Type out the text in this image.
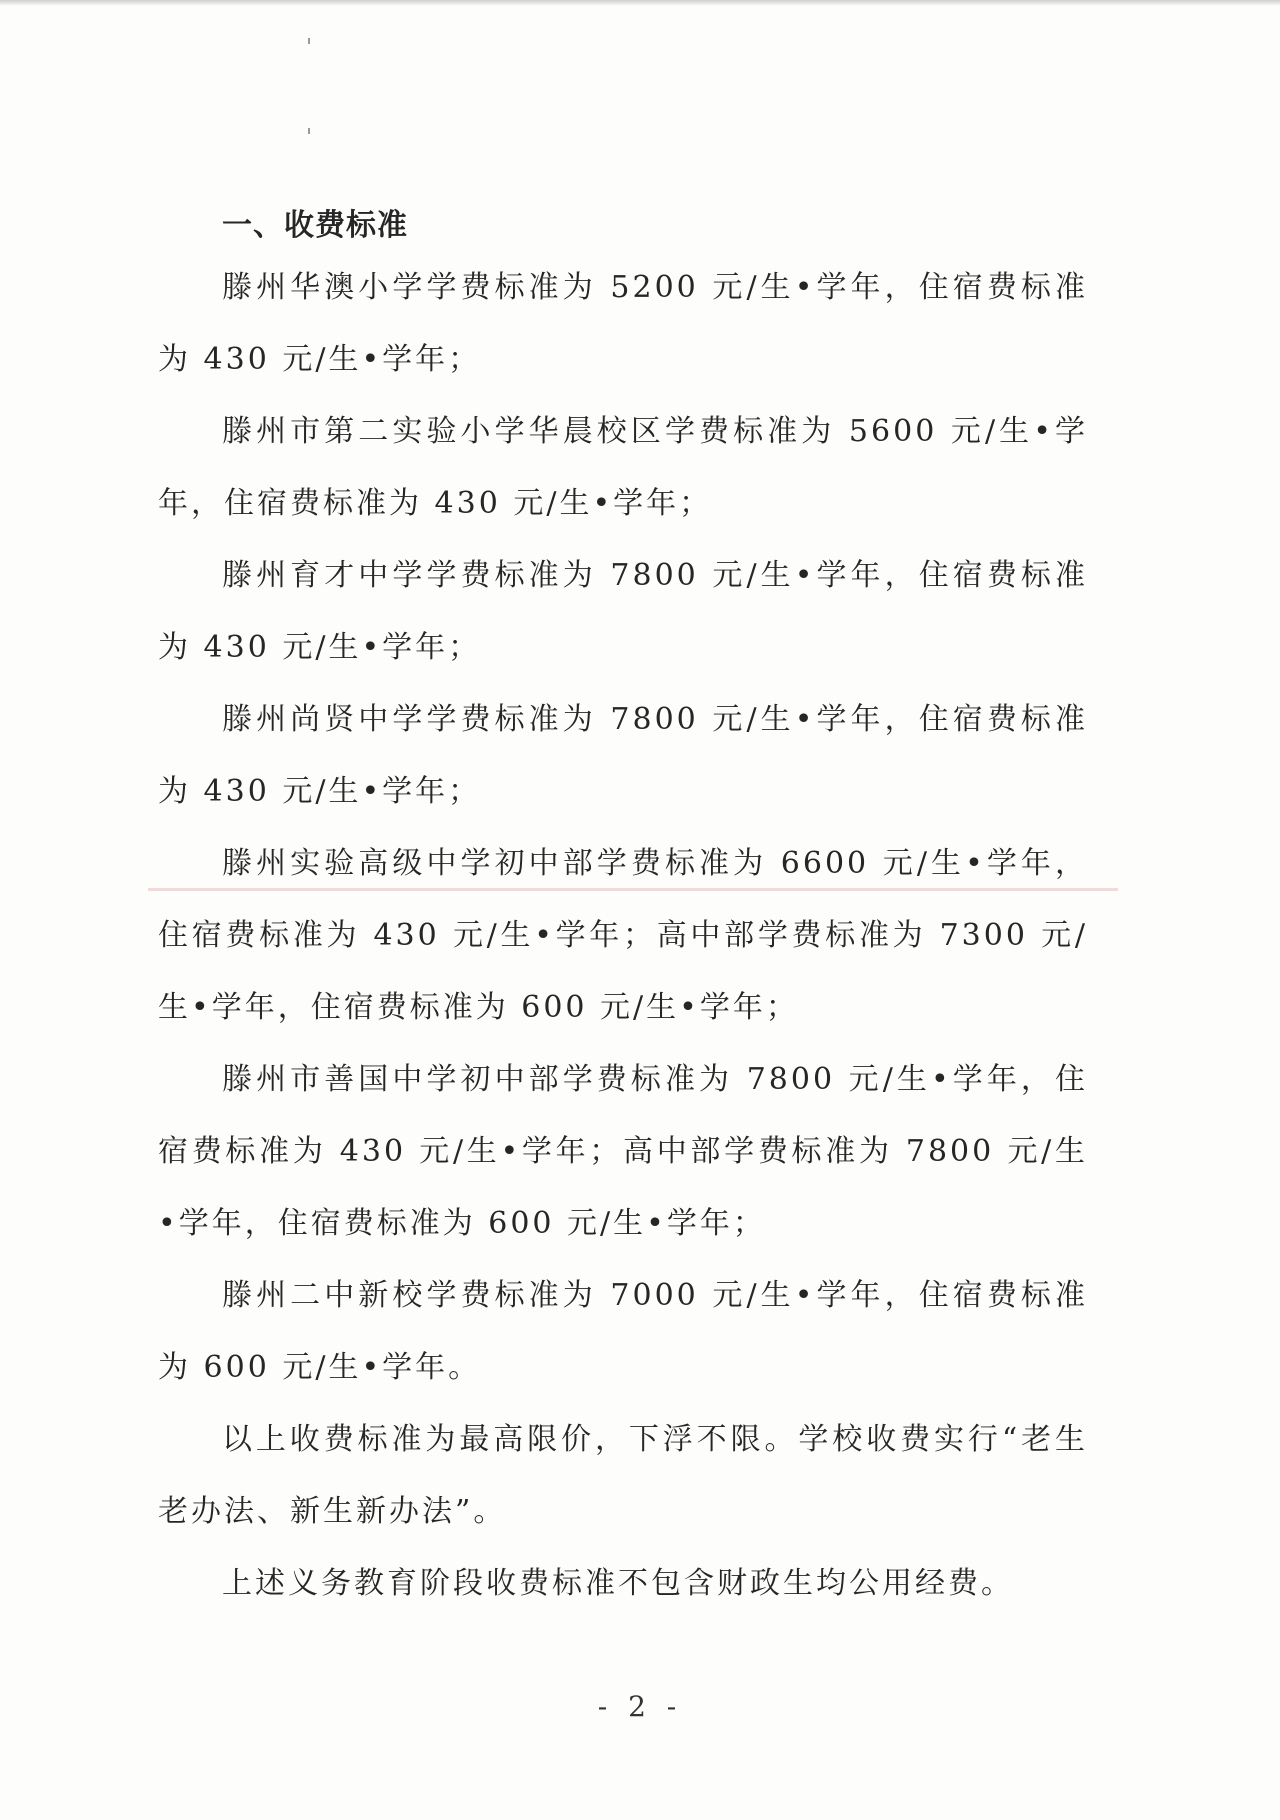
一、收费标准

滕州华澳小学学费标准为 5200 元/生•学年，住宿费标准为 430 元/生•学年；

滕州市第二实验小学华晨校区学费标准为 5600 元/生•学年，住宿费标准为 430 元/生•学年；

滕州育才中学学费标准为 7800 元/生•学年，住宿费标准为 430 元/生•学年；

滕州尚贤中学学费标准为 7800 元/生•学年，住宿费标准为 430 元/生•学年；

滕州实验高级中学初中部学费标准为 6600 元/生•学年，住宿费标准为 430 元/生•学年；高中部学费标准为 7300 元/生•学年，住宿费标准为 600 元/生•学年；

滕州市善国中学初中部学费标准为 7800 元/生•学年，住宿费标准为 430 元/生•学年；高中部学费标准为 7800 元/生•学年，住宿费标准为 600 元/生•学年；

滕州二中新校学费标准为 7000 元/生•学年，住宿费标准为 600 元/生•学年。

以上收费标准为最高限价，下浮不限。学校收费实行“老生老办法、新生新办法”。

上述义务教育阶段收费标准不包含财政生均公用经费。

- 2 -
